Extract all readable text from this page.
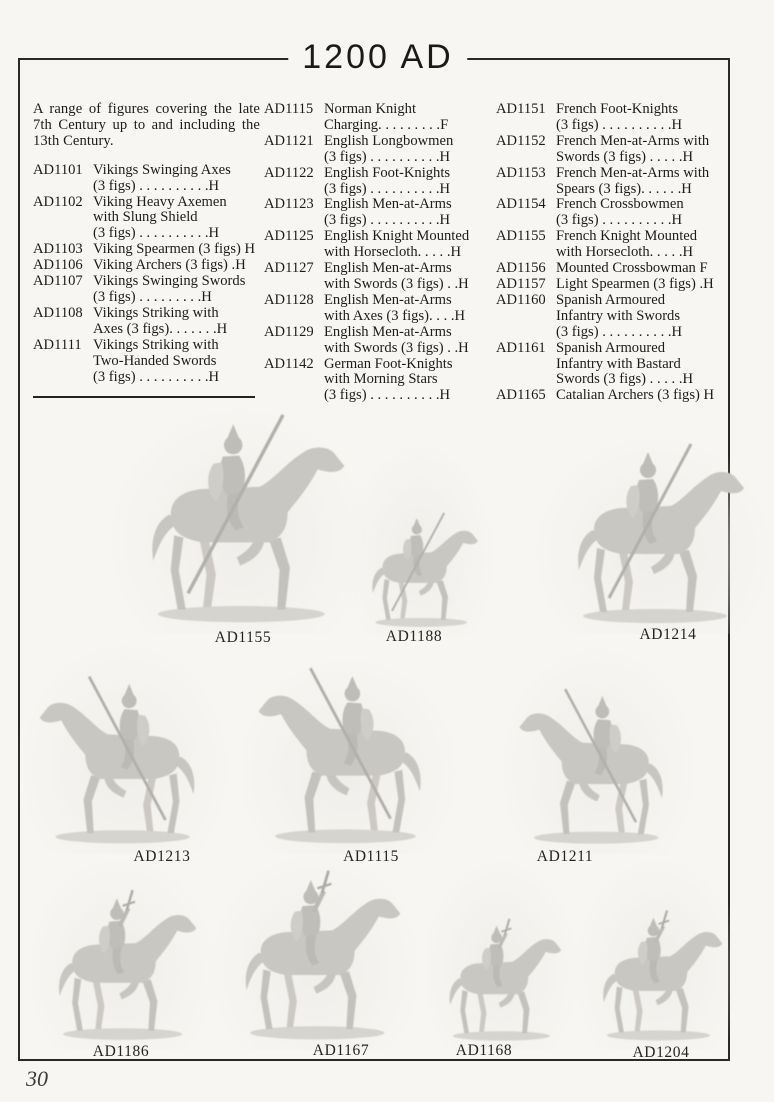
1200 AD

A range of figures covering the late 7th Century up to and including the 13th Century.

AD1101 Vikings Swinging Axes
(3 figs) . . . . . . . . . .H
AD1102 Viking Heavy Axemen
with Slung Shield
(3 figs) . . . . . . . . . .H
AD1103 Viking Spearmen (3 figs) H
AD1106 Viking Archers (3 figs) .H
AD1107 Vikings Swinging Swords
(3 figs) . . . . . . . . .H
AD1108 Vikings Striking with
Axes (3 figs). . . . . . .H
AD1111 Vikings Striking with
Two-Handed Swords
(3 figs) . . . . . . . . . .H
AD1115 Norman Knight
Charging. . . . . . . . .F
AD1121 English Longbowmen
(3 figs) . . . . . . . . . .H
AD1122 English Foot-Knights
(3 figs) . . . . . . . . . .H
AD1123 English Men-at-Arms
(3 figs) . . . . . . . . . .H
AD1125 English Knight Mounted
with Horsecloth. . . . .H
AD1127 English Men-at-Arms
with Swords (3 figs) . .H
AD1128 English Men-at-Arms
with Axes (3 figs). . . .H
AD1129 English Men-at-Arms
with Swords (3 figs) . .H
AD1142 German Foot-Knights
with Morning Stars
(3 figs) . . . . . . . . . .H
AD1151 French Foot-Knights
(3 figs) . . . . . . . . . .H
AD1152 French Men-at-Arms with
Swords (3 figs) . . . . .H
AD1153 French Men-at-Arms with
Spears (3 figs). . . . . .H
AD1154 French Crossbowmen
(3 figs) . . . . . . . . . .H
AD1155 French Knight Mounted
with Horsecloth. . . . .H
AD1156 Mounted Crossbowman F
AD1157 Light Spearmen (3 figs) .H
AD1160 Spanish Armoured
Infantry with Swords
(3 figs) . . . . . . . . . .H
AD1161 Spanish Armoured
Infantry with Bastard
Swords (3 figs) . . . . .H
AD1165 Catalian Archers (3 figs) H
AD1155	AD1188	AD1214
AD1213	AD1115	AD1211
AD1186	AD1167	AD1168	AD1204
30
